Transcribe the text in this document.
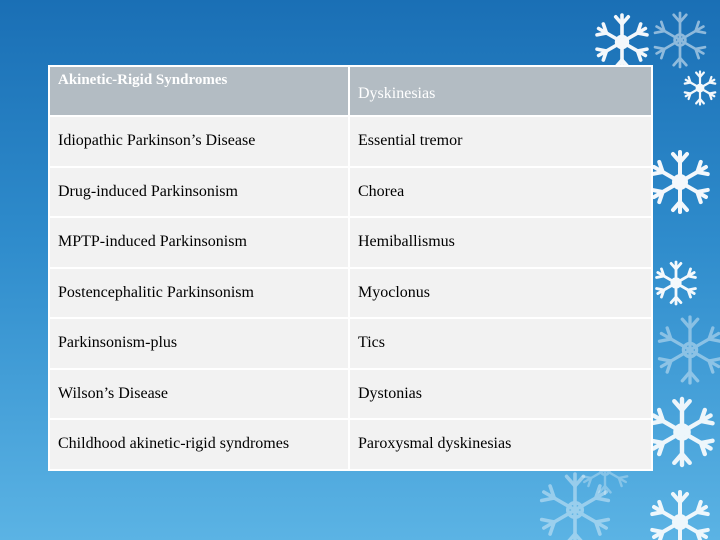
Akinetic-Rigid Syndromes	Dyskinesias
Idiopathic Parkinson’s Disease	Essential tremor
Drug-induced Parkinsonism	Chorea
MPTP-induced Parkinsonism	Hemiballismus
Postencephalitic Parkinsonism	Myoclonus
Parkinsonism-plus	Tics
Wilson’s Disease	Dystonias
Childhood akinetic-rigid syndromes	Paroxysmal dyskinesias
